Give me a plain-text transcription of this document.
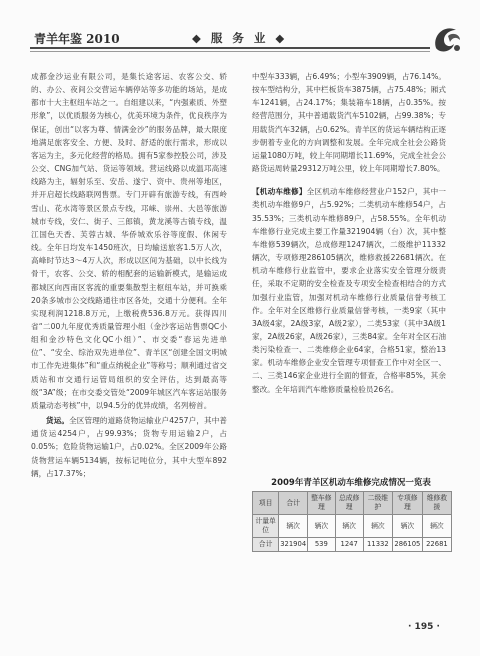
青羊年鉴 2010	◆ 服 务 业 ◆

成都金沙运业有限公司，是集长途客运、农客公交、轿的、办公、夜间公交营运车辆停站等多功能的场站，是成都市十大主枢纽车站之一。自组建以来，“内强素质、外塑形象”，以优质服务为核心，优美环境为条件，优良秩序为保证，创出“以客为尊、情满金沙”的服务品牌，最大限度地满足旅客安全、方便、及时、舒适的旅行需求，形成以客运为主，多元化经营的格局。拥有5家参控股公司，涉及公交、CNG加气站、货运等领域。营运线路以成温邛高速线路为主，辐射乐至、安岳、遂宁、资中、贵州等地区，并开启超长线路联网售票。专门开辟有旅游专线，有西岭雪山、花水湾等景区景点专线，邛崃、崇州、大邑等旅游城市专线，安仁、街子、三郎镇，黄龙溪等古镇专线，温江国色天香、芙蓉古城、华侨城欢乐谷等度假、休闲专线。全年日均发车1450班次，日均输送旅客1.5万人次，高峰时节达3～4万人次，形成以区间为基础，以中长线为骨干，农客、公交、轿的相配套的运输新模式，是输运成都城区向西南区客流的重要集散型主枢纽车站，并可换乘20条多城市公交线路通往市区各处，交通十分便利。全年实现利润1218.8万元，上缴税费536.8万元。获得四川省“二00九年度优秀质量管理小组（金沙客运站售票QC小组和金沙特色文化QC小组）”、市交委“春运先进单位”、“安全、综治双先进单位”、青羊区“创建全国文明城市工作先进集体”和“重点纳税企业”等称号；顺利通过省交质站和市交通行运管局组织的安全评估，达到最高等级“3A”级；在市交委交管处“2009年城区汽车客运站服务质量动态考核”中，以94.5分的优异成绩，名列榜首。

货运。全区管理的道路货物运输业户4257户，其中普通货运4254户，占99.93%；货物专用运输2户，占0.05%；危险货物运输1户，占0.02%。全区2009年公路货物营运车辆5134辆，按标记吨位分，其中大型车892辆，占17.37%；

中型车333辆，占6.49%；小型车3909辆，占76.14%。按车型结构分，其中栏板货车3875辆，占75.48%；厢式车1241辆，占24.17%；集装箱车18辆，占0.35%。按经营范围分，其中普通载货汽车5102辆，占99.38%；专用载货汽车32辆，占0.62%。青羊区的货运车辆结构正逐步朝着专业化的方向调整和发展。全年完成全社会公路货运量1080万吨，较上年同期增长11.69%，完成全社会公路货运周转量29312万吨公里，较上年同期增长7.80%。

【机动车维修】全区机动车维修经营业户152户，其中一类机动车维修9户，占5.92%；二类机动车维修54户，占35.53%；三类机动车维修89户，占58.55%。全年机动车维修行业完成主要工作量321904辆（台）次，其中整车维修539辆次，总成修理1247辆次，二级维护11332辆次，专项修理286105辆次，维修救援22681辆次。在机动车维修行业监管中，要求企业落实安全管理分级责任，采取不定期的安全检查及专项安全检查相结合的方式加强行业监管，加强对机动车维修行业质量信誉考核工作。全年对全区维修行业质量信誉考核，一类9家（其中3A级4家，2A级3家，A级2家），二类53家（其中3A级1家，2A级26家，A级26家），三类84家。全年对全区石油类污染检查一、二类维修企业64家，合格51家，整治13家。机动车维修企业安全管理专项督查工作中对全区一、二、三类146家企业进行全面的督查，合格率85%，其余整改。全年培训汽车维修质量检验员26名。

2009年青羊区机动车维修完成情况一览表
项目	合计	整车修理	总成修理	二级维护	专项修理	维修救援
计量单位	辆次	辆次	辆次	辆次	辆次	辆次
合计	321904	539	1247	11332	286105	22681
· 195 ·
